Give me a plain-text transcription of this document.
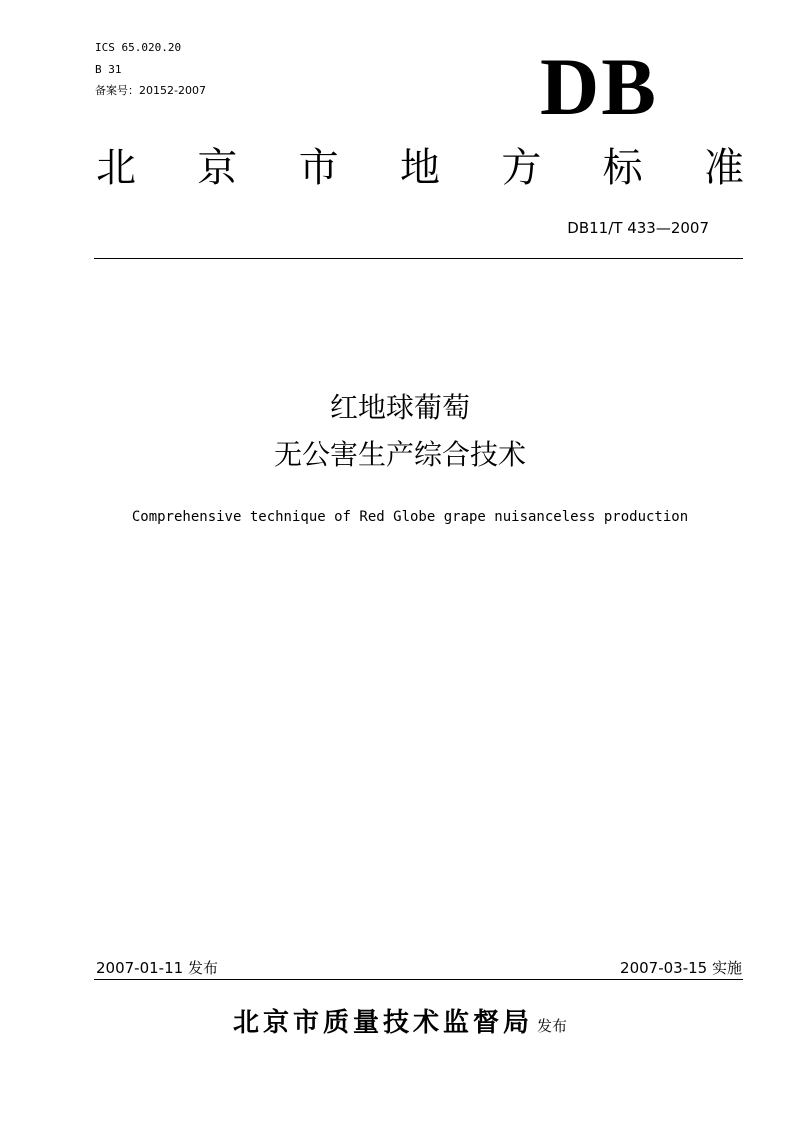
ICS 65.020.20
B 31
备案号：20152-2007	DB
北 京 市 地 方 标 准
DB11/T 433—2007
红地球葡萄
无公害生产综合技术
Comprehensive technique of Red Globe grape nuisanceless production
2007-01-11 发布	2007-03-15 实施
北京市质量技术监督局 发布
